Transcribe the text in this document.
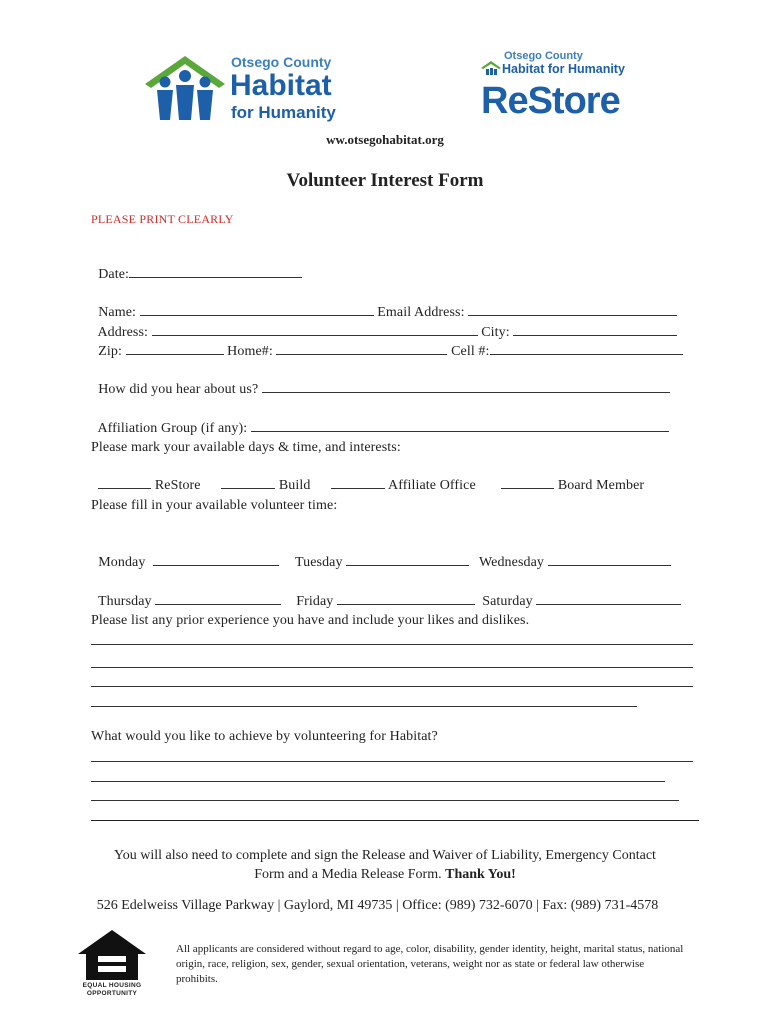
Otsego County
Habitat
for Humanity
Otsego County
Habitat for Humanity
ReStore
ww.otsegohabitat.org
Volunteer Interest Form
PLEASE PRINT CLEARLY

Date:

Name:	Email Address:

Address:	City:

Zip:	Home#:	Cell #:

How did you hear about us?

Affiliation Group (if any):

Please mark your available days & time, and interests:

ReStore	Build	Affiliate Office	Board Member

Please fill in your available volunteer time:

Monday	Tuesday	Wednesday

Thursday	Friday	Saturday

Please list any prior experience you have and include your likes and dislikes.
What would you like to achieve by volunteering for Habitat?
You will also need to complete and sign the Release and Waiver of Liability, Emergency Contact
Form and a Media Release Form. Thank You!
526 Edelweiss Village Parkway | Gaylord, MI 49735 | Office: (989) 732-6070 | Fax: (989) 731-4578
EQUAL HOUSING
OPPORTUNITY
All applicants are considered without regard to age, color, disability, gender identity, height, marital status, national origin, race, religion, sex, gender, sexual orientation, veterans, weight nor as state or federal law otherwise prohibits.
